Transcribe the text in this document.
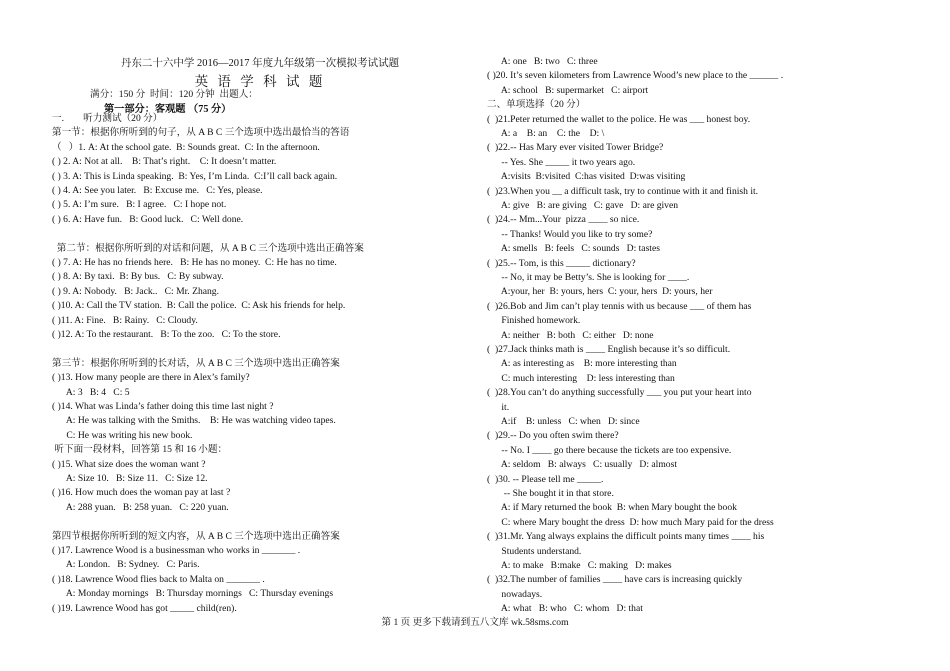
丹东二十六中学 2016—2017 年度九年级第一次模拟考试试题
英 语 学 科 试 题
满分：150 分  时间：120 分钟  出题人：
第一部分：客观题 （75 分）
一.        听力测试（20 分）
第一节：根据你所听到的句子，从 A B C 三个选项中选出最恰当的答语
（   ）1. A: At the school gate.  B: Sounds great.  C: In the afternoon.
( ) 2. A: Not at all.    B: That’s right.    C: It doesn’t matter.
( ) 3. A: This is Linda speaking.  B: Yes, I’m Linda.  C:I’ll call back again.
( ) 4. A: See you later.   B: Excuse me.   C: Yes, please.
( ) 5. A: I’m sure.   B: I agree.   C: I hope not.
( ) 6. A: Have fun.   B: Good luck.   C: Well done.
第二节：根据你所听到的对话和问题，从 A B C 三个选项中选出正确答案
( ) 7. A: He has no friends here.   B: He has no money.  C: He has no time.
( ) 8. A: By taxi.  B: By bus.   C: By subway.
( ) 9. A: Nobody.   B: Jack..   C: Mr. Zhang.
( )10. A: Call the TV station.  B: Call the police.  C: Ask his friends for help.
( )11. A: Fine.   B: Rainy.   C: Cloudy.
( )12. A: To the restaurant.   B: To the zoo.   C: To the store.
第三节：根据你所听到的长对话，从 A B C 三个选项中选出正确答案
( )13. How many people are there in Alex’s family?
A: 3   B: 4   C: 5
( )14. What was Linda’s father doing this time last night ?
A: He was talking with the Smiths.    B: He was watching video tapes.
C: He was writing his new book.
听下面一段材料，回答第 15 和 16 小题：
( )15. What size does the woman want ?
A: Size 10.   B: Size 11.   C: Size 12.
( )16. How much does the woman pay at last ?
A: 288 yuan.   B: 258 yuan.   C: 220 yuan.
第四节根据你所听到的短文内容，从 A B C 三个选项中选出正确答案
( )17. Lawrence Wood is a businessman who works in _______ .
A: London.   B: Sydney.   C: Paris.
( )18. Lawrence Wood flies back to Malta on _______ .
A: Monday mornings   B: Thursday mornings   C: Thursday evenings
( )19. Lawrence Wood has got _____ child(ren).
A: one   B: two   C: three
( )20. It’s seven kilometers from Lawrence Wood’s new place to the ______ .
A: school   B: supermarket   C: airport
二、单项选择（20 分）
(  )21.Peter returned the wallet to the police. He was ___ honest boy.
A: a    B: an    C: the    D: \
(  )22.-- Has Mary ever visited Tower Bridge?
-- Yes. She _____ it two years ago.
A:visits  B:visited  C:has visited  D:was visiting
(  )23.When you __ a difficult task, try to continue with it and finish it.
A: give   B: are giving   C: gave   D: are given
(  )24.-- Mm...Your  pizza ____ so nice.
-- Thanks! Would you like to try some?
A: smells   B: feels   C: sounds   D: tastes
(  )25.-- Tom, is this _____ dictionary?
-- No, it may be Betty’s. She is looking for ____.
A:your, her  B: yours, hers  C: your, hers  D: yours, her
(  )26.Bob and Jim can’t play tennis with us because ___ of them has
Finished homework.
A: neither   B: both   C: either   D: none
(  )27.Jack thinks math is ____ English because it’s so difficult.
A: as interesting as    B: more interesting than
C: much interesting    D: less interesting than
(  )28.You can’t do anything successfully ___ you put your heart into
it.
A:if    B: unless   C: when   D: since
(  )29.-- Do you often swim there?
-- No. I ____ go there because the tickets are too expensive.
A: seldom   B: always   C: usually   D: almost
(  )30. -- Please tell me _____.
-- She bought it in that store.
A: if Mary returned the book  B: when Mary bought the book
C: where Mary bought the dress  D: how much Mary paid for the dress
(  )31.Mr. Yang always explains the difficult points many times ____ his
Students understand.
A: to make   B:make   C: making   D: makes
(  )32.The number of families ____ have cars is increasing quickly
nowadays.
A: what   B: who   C: whom   D: that
第 1 页 更多下载请到五八文库 wk.58sms.com
